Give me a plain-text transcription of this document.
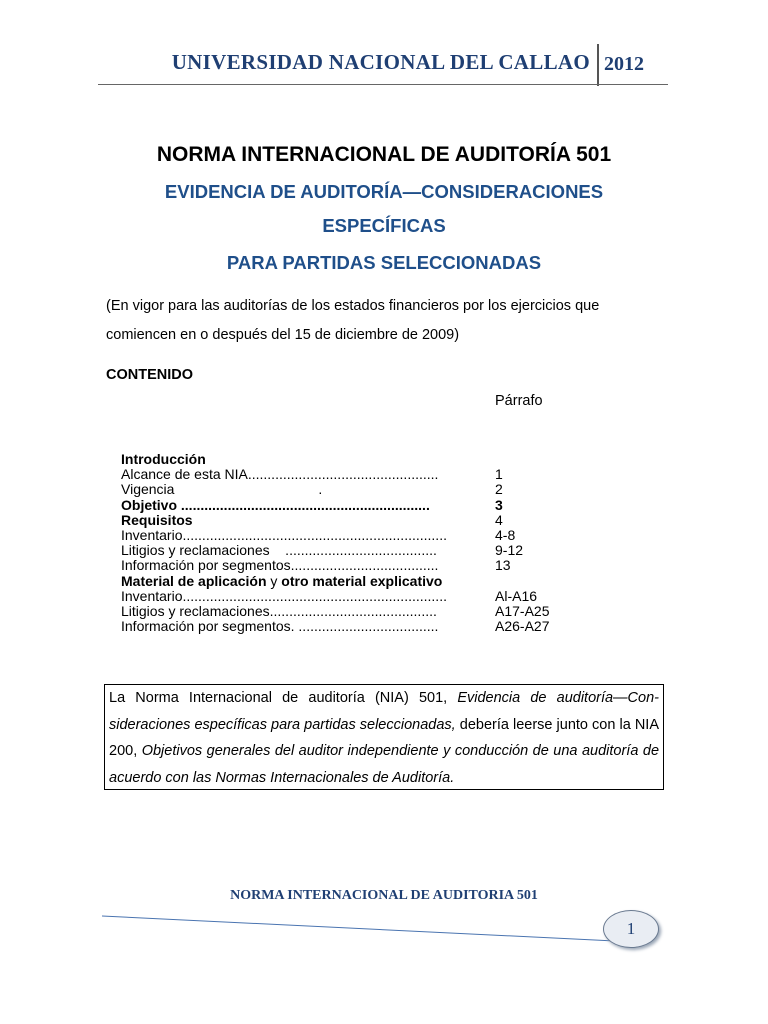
UNIVERSIDAD NACIONAL DEL CALLAO 2012
NORMA INTERNACIONAL DE AUDITORÍA 501
EVIDENCIA DE AUDITORÍA—CONSIDERACIONES
ESPECÍFICAS
PARA PARTIDAS SELECCIONADAS
(En vigor para las auditorías de los estados financieros por los ejercicios que
comiencen en o después del 15 de diciembre de 2009)
CONTENIDO
Párrafo
Introducción
Alcance de esta NIA.................................................	1
Vigencia                                     .	2
Objetivo ................................................................	3
Requisitos	4
Inventario....................................................................	4-8
Litigios y reclamaciones    .......................................	9-12
Información por segmentos......................................	13
Material de aplicación y otro material explicativo
Inventario....................................................................	Al-A16
Litigios y reclamaciones...........................................	A17-A25
Información por segmentos. ....................................	A26-A27
La Norma Internacional de auditoría (NIA) 501, Evidencia de auditoría—Con-sideraciones específicas para partidas seleccionadas, debería leerse junto con la NIA 200, Objetivos generales del auditor independiente y conducción de una auditoría de acuerdo con las Normas Internacionales de Auditoría.
NORMA INTERNACIONAL DE AUDITORIA 501
1
